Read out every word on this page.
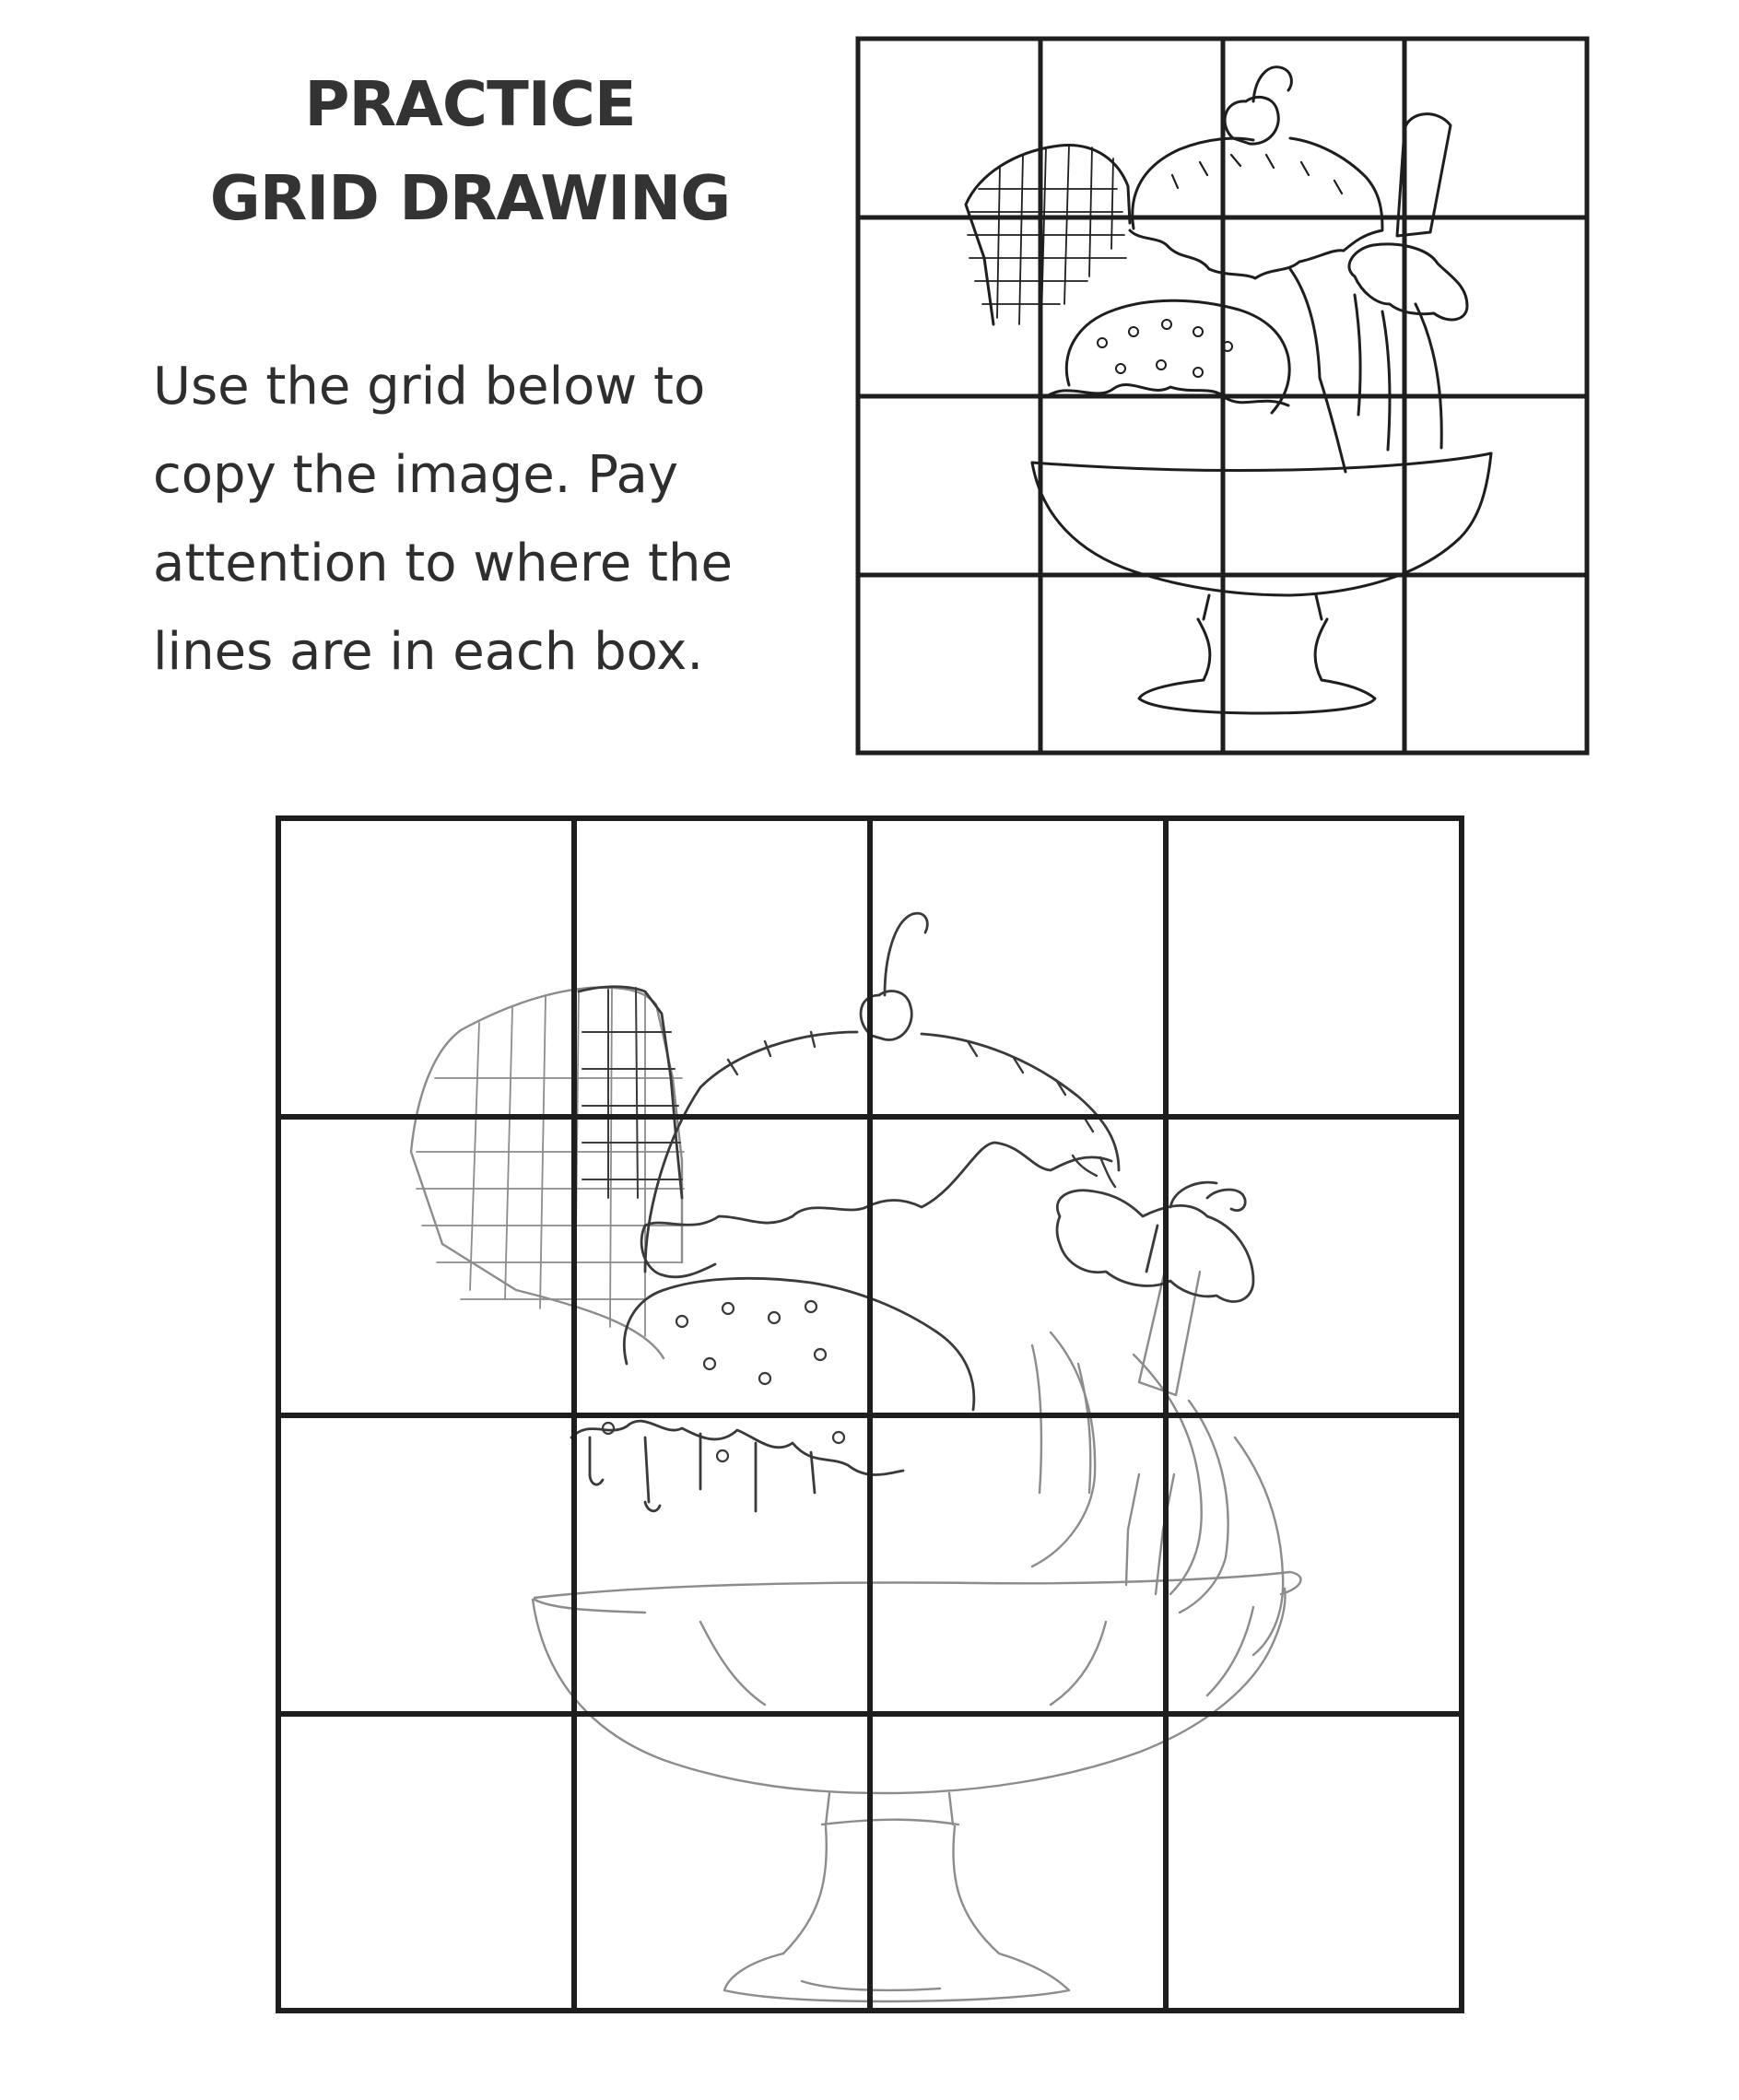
PRACTICE
GRID DRAWING
Use the grid below to
copy the image. Pay
attention to where the
lines are in each box.
